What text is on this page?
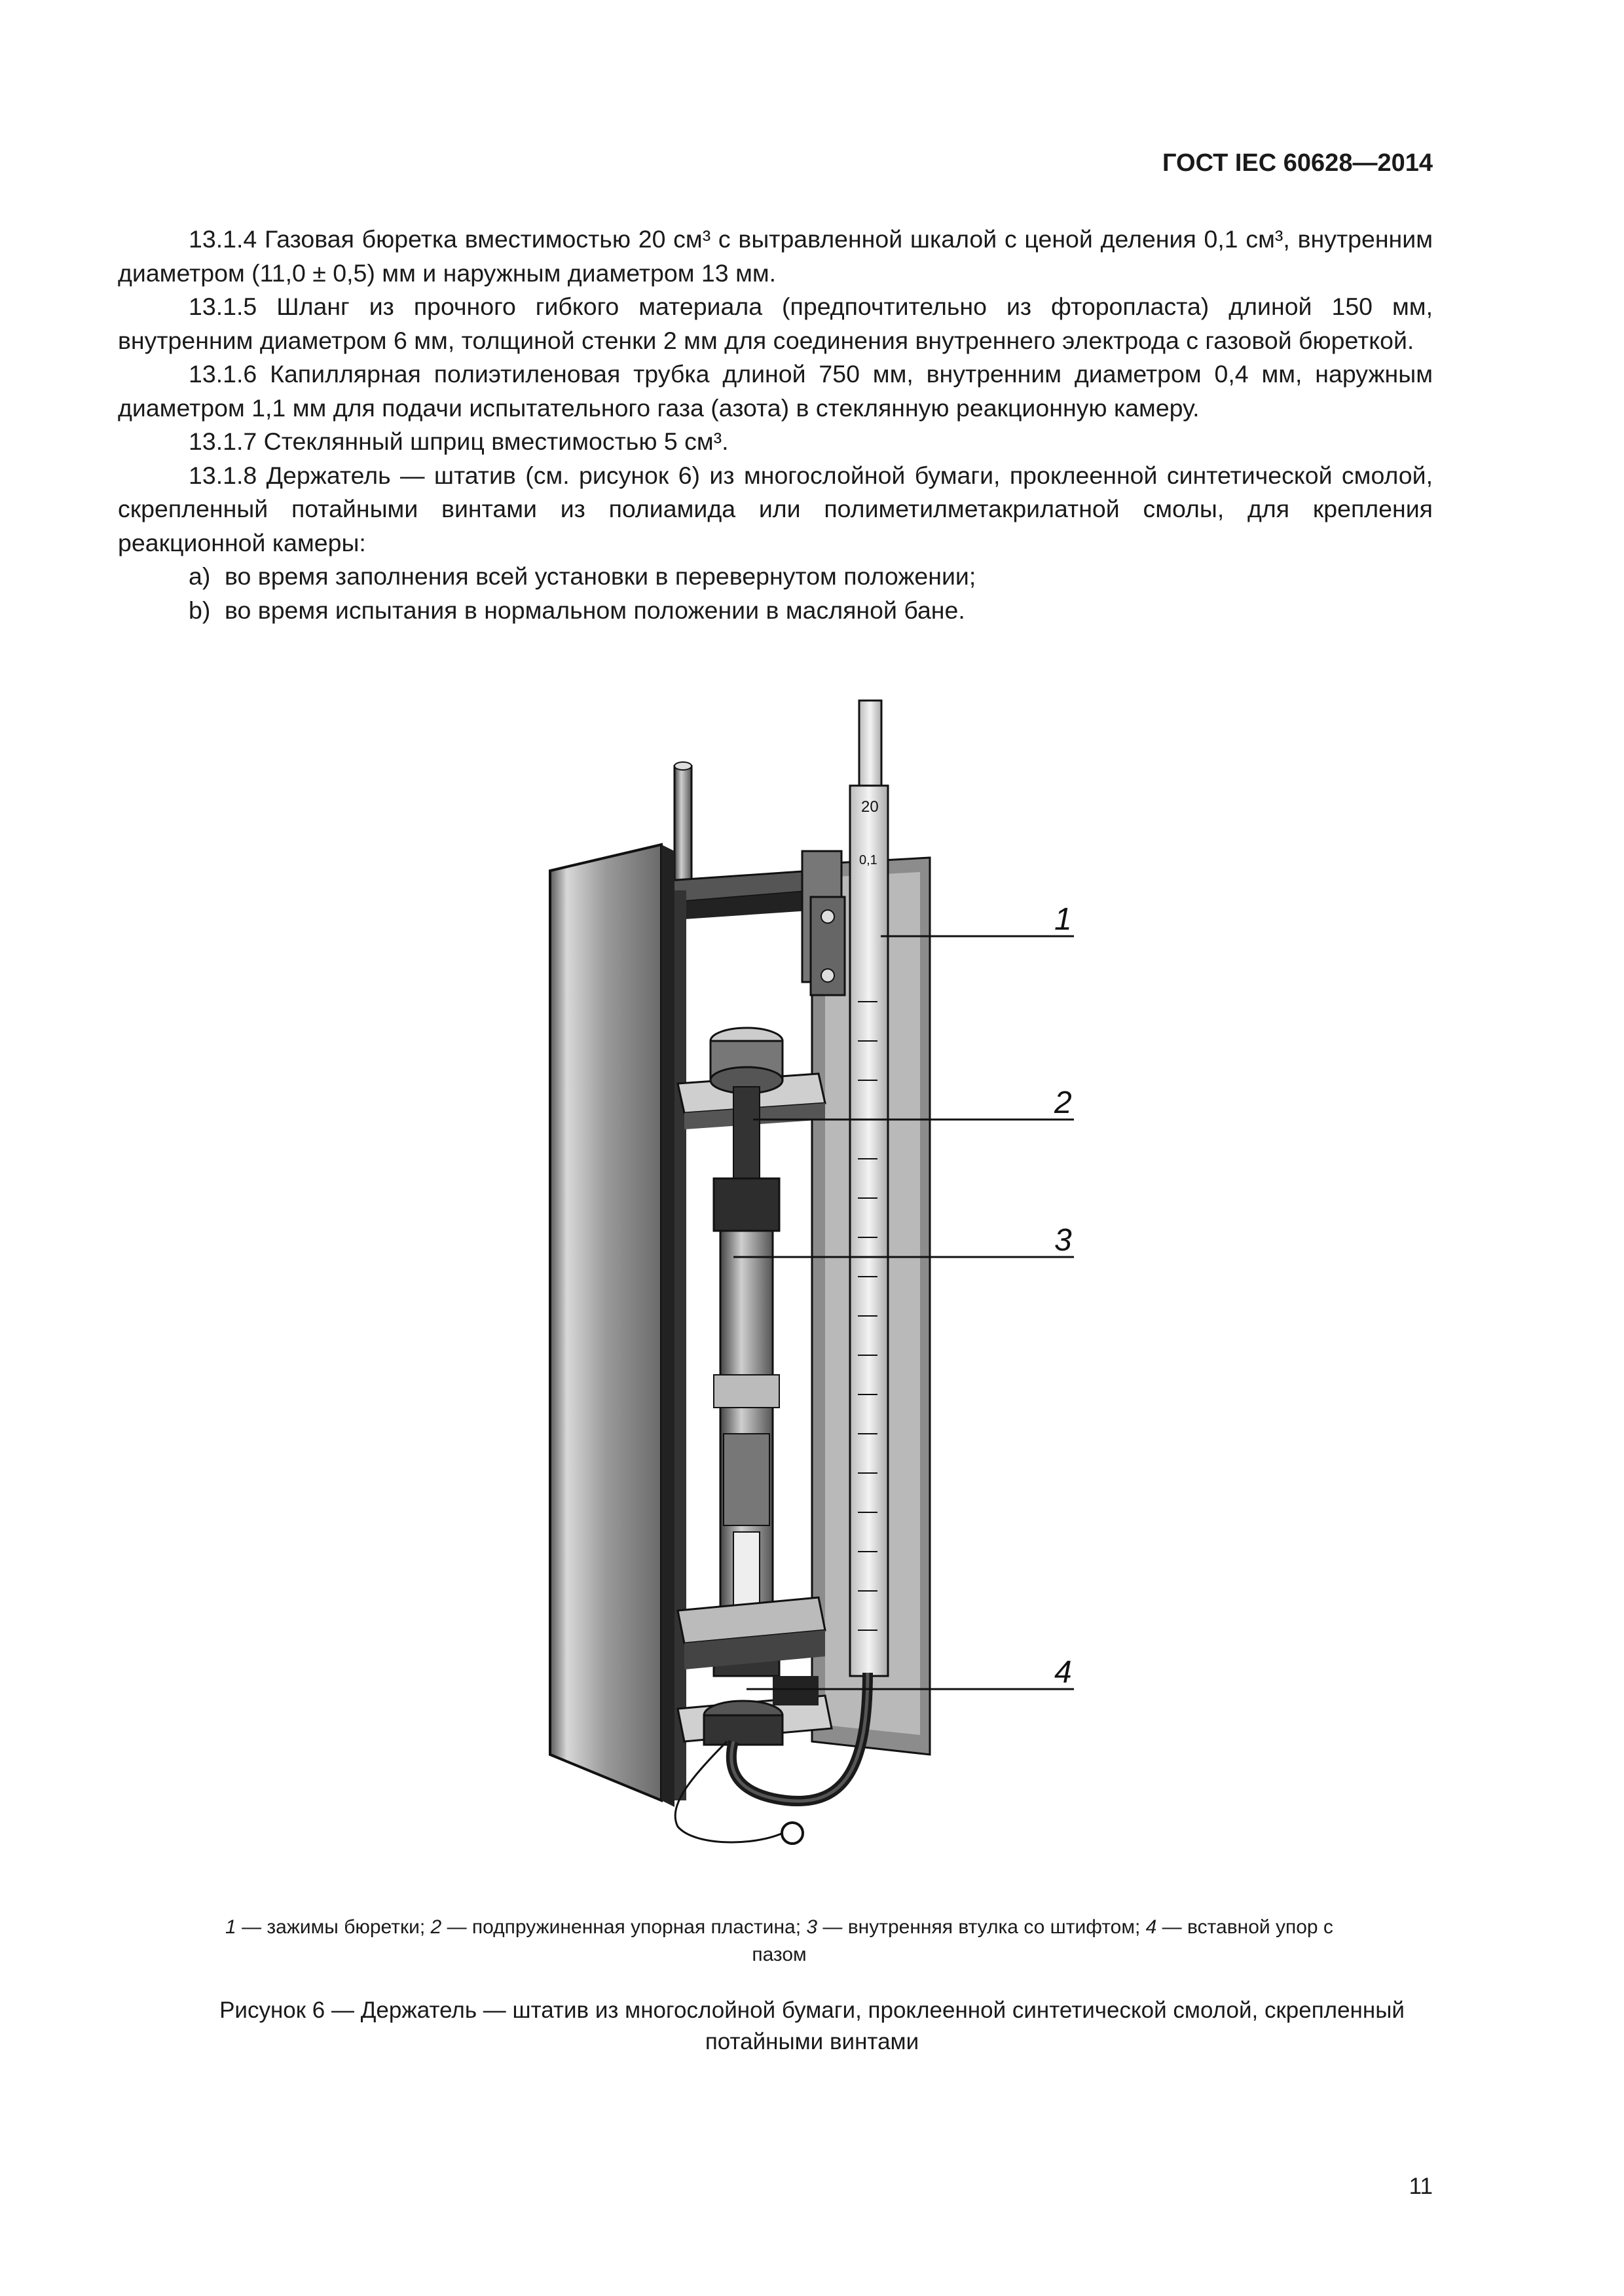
ГОСТ IEC 60628—2014

13.1.4 Газовая бюретка вместимостью 20 см³ с вытравленной шкалой с ценой деления 0,1 см³, внутренним диаметром (11,0 ± 0,5) мм и наружным диаметром 13 мм.

13.1.5 Шланг из прочного гибкого материала (предпочтительно из фторопласта) длиной 150 мм, внутренним диаметром 6 мм, толщиной стенки 2 мм для соединения внутреннего электрода с газовой бюреткой.

13.1.6 Капиллярная полиэтиленовая трубка длиной 750 мм, внутренним диаметром 0,4 мм, наружным диаметром 1,1 мм для подачи испытательного газа (азота) в стеклянную реакционную камеру.

13.1.7 Стеклянный шприц вместимостью 5 см³.

13.1.8 Держатель — штатив (см. рисунок 6) из многослойной бумаги, проклеенной синтетической смолой, скрепленный потайными винтами из полиамида или полиметилметакрилатной смолы, для крепления реакционной камеры:

a) во время заполнения всей установки в перевернутом положении;

b) во время испытания в нормальном положении в масляной бане.

20
0,1
1
2
3
4
1 — зажимы бюретки; 2 — подпружиненная упорная пластина; 3 — внутренняя втулка со штифтом; 4 — вставной упор с пазом
Рисунок 6 — Держатель — штатив из многослойной бумаги, проклеенной синтетической смолой, скрепленный потайными винтами
11
